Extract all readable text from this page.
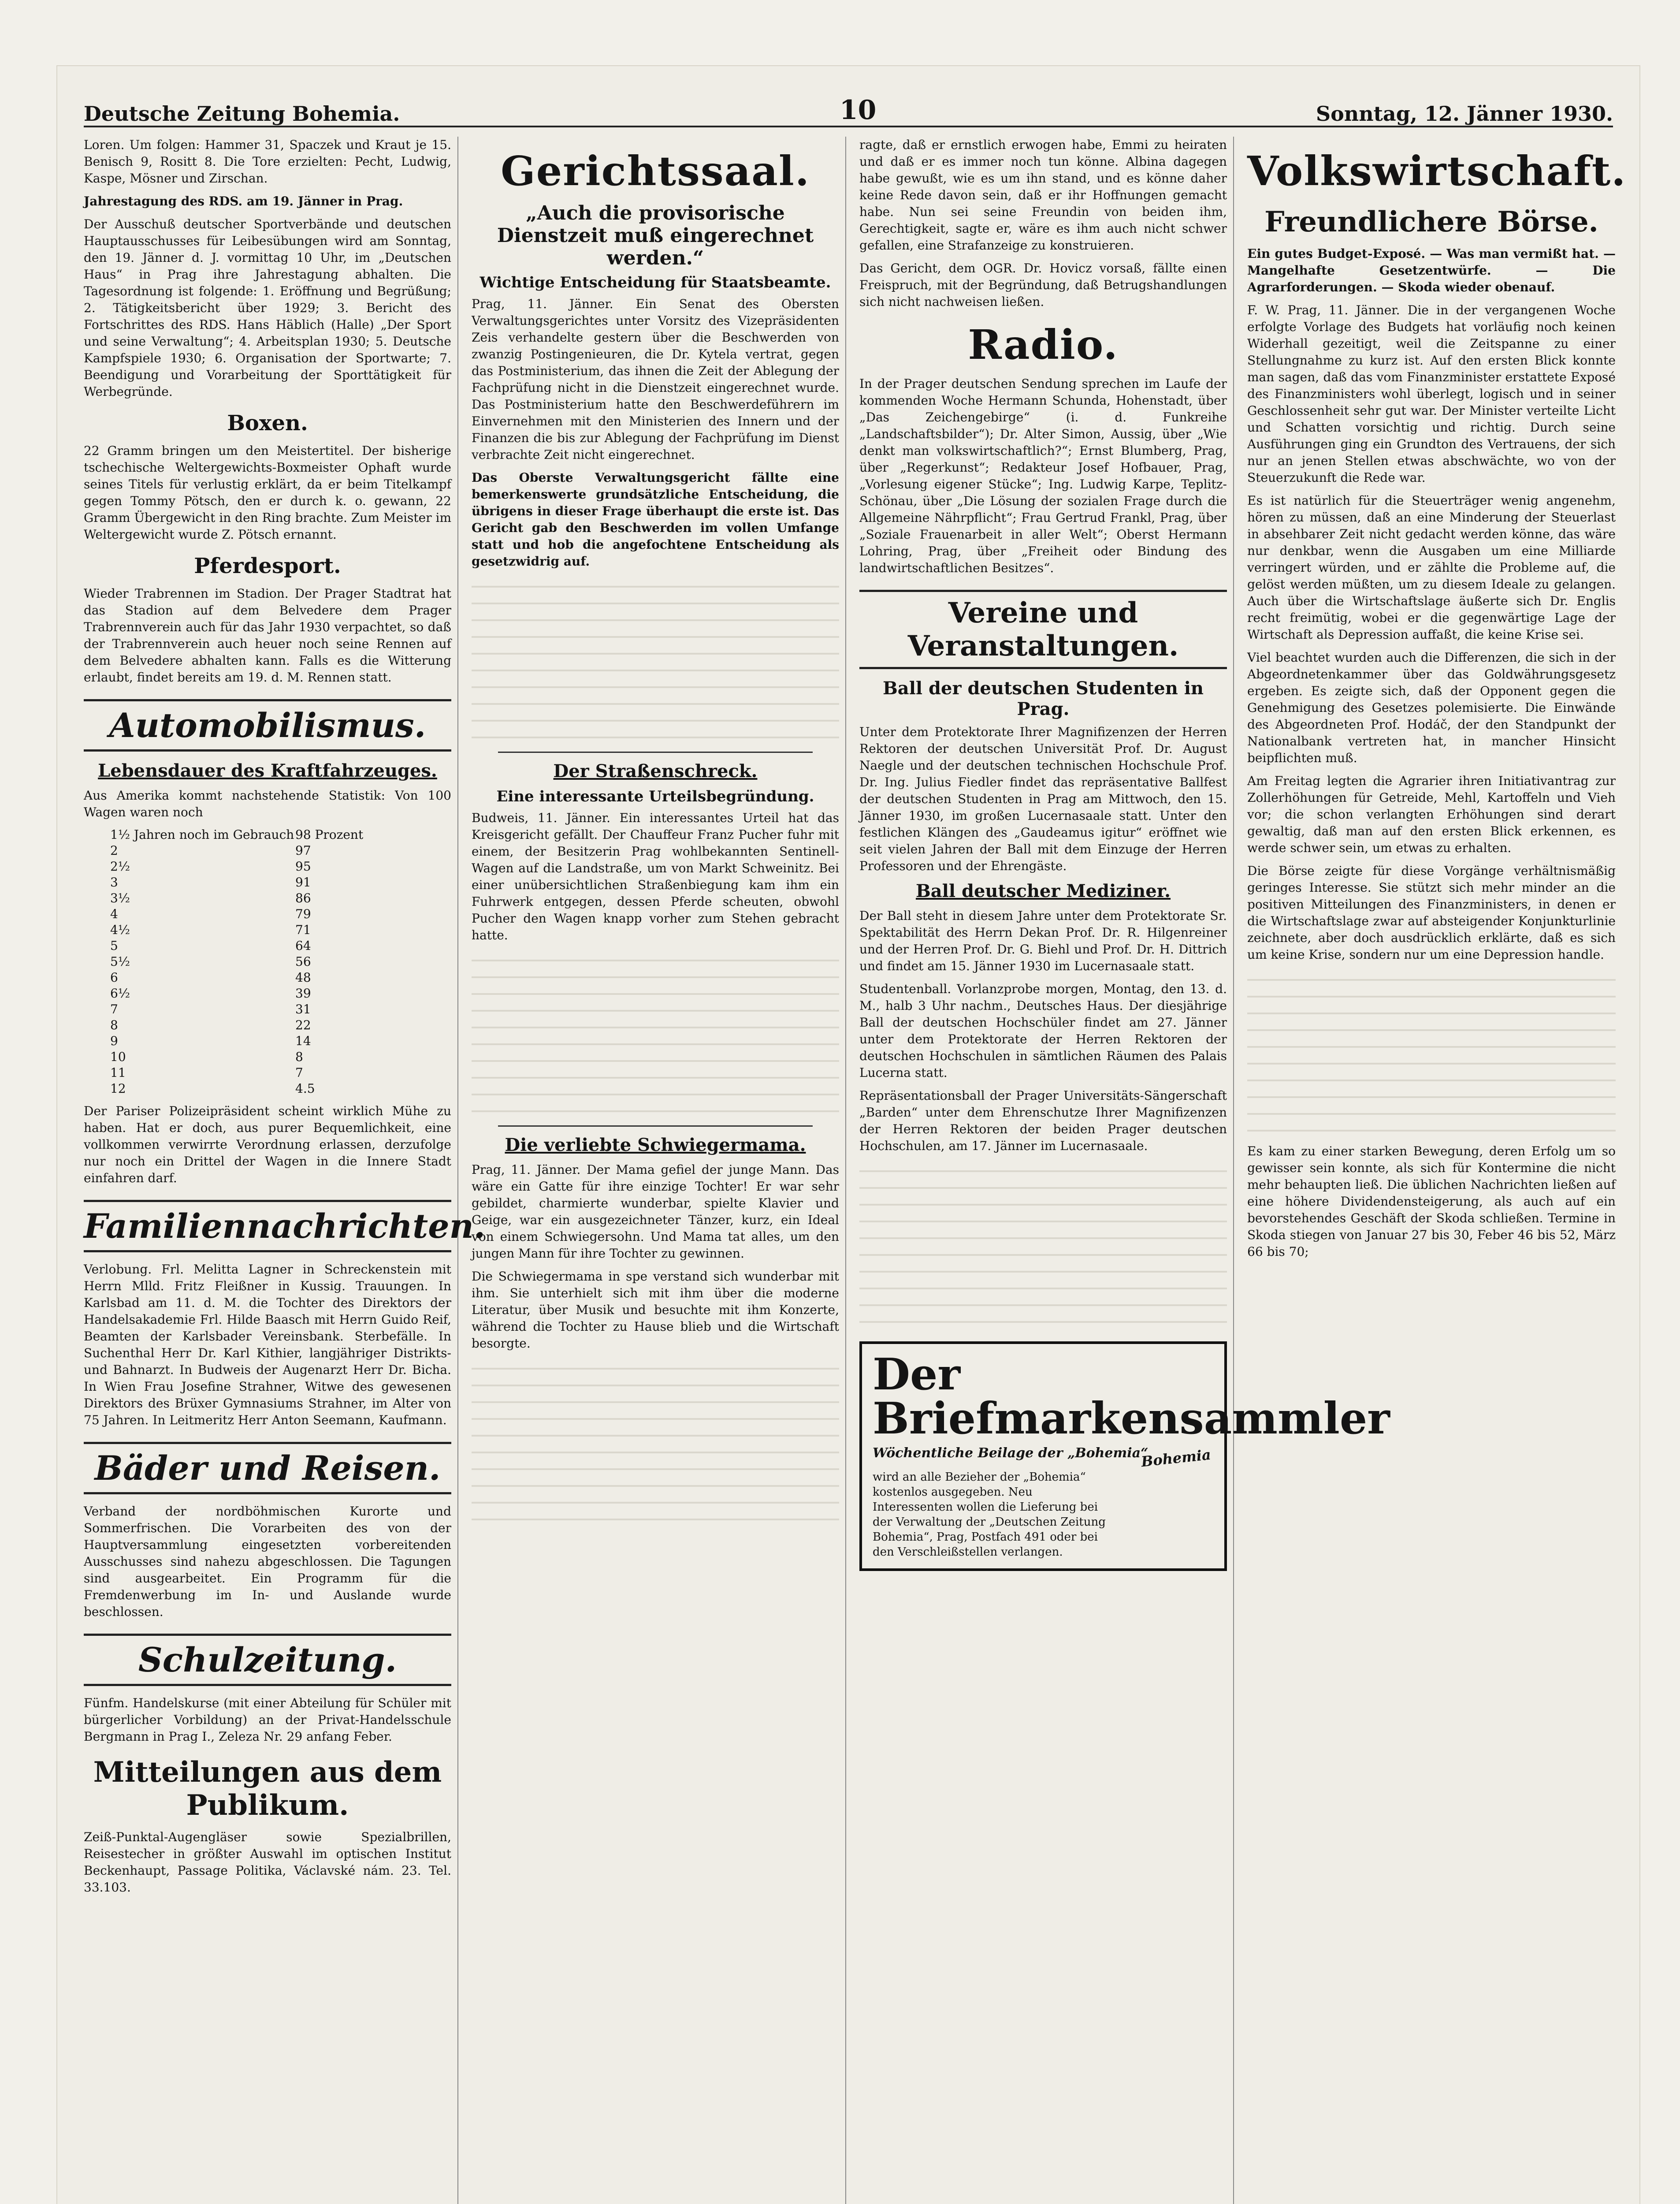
Deutsche Zeitung Bohemia.	10	Sonntag, 12. Jänner 1930.

Loren. Um folgen: Hammer 31, Spaczek und Kraut je 15. Benisch 9, Rositt 8. Die Tore erzielten: Pecht, Ludwig, Kaspe, Mösner und Zirschan.

Jahrestagung des RDS. am 19. Jänner in Prag.

Der Ausschuß deutscher Sportverbände und deutschen Hauptausschusses für Leibesübungen wird am Sonntag, den 19. Jänner d. J. vormittag 10 Uhr, im „Deutschen Haus“ in Prag ihre Jahrestagung abhalten. Die Tagesordnung ist folgende: 1. Eröffnung und Begrüßung; 2. Tätigkeitsbericht über 1929; 3. Bericht des Fortschrittes des RDS. Hans Häblich (Halle) „Der Sport und seine Verwaltung“; 4. Arbeitsplan 1930; 5. Deutsche Kampfspiele 1930; 6. Organisation der Sportwarte; 7. Beendigung und Vorarbeitung der Sporttätigkeit für Werbegründe.

Boxen.

22 Gramm bringen um den Meistertitel. Der bisherige tschechische Weltergewichts-Boxmeister Ophaft wurde seines Titels für verlustig erklärt, da er beim Titelkampf gegen Tommy Pötsch, den er durch k. o. gewann, 22 Gramm Übergewicht in den Ring brachte. Zum Meister im Weltergewicht wurde Z. Pötsch ernannt.

Pferdesport.

Wieder Trabrennen im Stadion. Der Prager Stadtrat hat das Stadion auf dem Belvedere dem Prager Trabrennverein auch für das Jahr 1930 verpachtet, so daß der Trabrennverein auch heuer noch seine Rennen auf dem Belvedere abhalten kann. Falls es die Witterung erlaubt, findet bereits am 19. d. M. Rennen statt.

Automobilismus.
Lebensdauer des Kraftfahrzeuges.

Aus Amerika kommt nachstehende Statistik: Von 100 Wagen waren noch

1½ Jahren noch im Gebrauch 98 Prozent
2	97
2½	95
3	91
3½	86
4	79
4½	71
5	64
5½	56
6	48
6½	39
7	31
8	22
9	14
10	8
11	7
12	4.5

Der Pariser Polizeipräsident scheint wirklich Mühe zu haben. Hat er doch, aus purer Bequemlichkeit, eine vollkommen verwirrte Verordnung erlassen, derzufolge nur noch ein Drittel der Wagen in die Innere Stadt einfahren darf.

Familiennachrichten.

Verlobung. Frl. Melitta Lagner in Schreckenstein mit Herrn Mlld. Fritz Fleißner in Kussig. Trauungen. In Karlsbad am 11. d. M. die Tochter des Direktors der Handelsakademie Frl. Hilde Baasch mit Herrn Guido Reif, Beamten der Karlsbader Vereinsbank. Sterbefälle. In Suchenthal Herr Dr. Karl Kithier, langjähriger Distrikts- und Bahnarzt. In Budweis der Augenarzt Herr Dr. Bicha. In Wien Frau Josefine Strahner, Witwe des gewesenen Direktors des Brüxer Gymnasiums Strahner, im Alter von 75 Jahren. In Leitmeritz Herr Anton Seemann, Kaufmann.

Bäder und Reisen.

Verband der nordböhmischen Kurorte und Sommerfrischen. Die Vorarbeiten des von der Hauptversammlung eingesetzten vorbereitenden Ausschusses sind nahezu abgeschlossen. Die Tagungen sind ausgearbeitet. Ein Programm für die Fremdenwerbung im In- und Auslande wurde beschlossen.

Schulzeitung.

Fünfm. Handelskurse (mit einer Abteilung für Schüler mit bürgerlicher Vorbildung) an der Privat-Handelsschule Bergmann in Prag I., Zeleza Nr. 29 anfang Feber.

Mitteilungen aus dem Publikum.

Zeiß-Punktal-Augengläser sowie Spezialbrillen, Reisestecher in größter Auswahl im optischen Institut Beckenhaupt, Passage Politika, Václavské nám. 23. Tel. 33.103.

Gerichtssaal.
„Auch die provisorische Dienstzeit muß eingerechnet werden.“
Wichtige Entscheidung für Staatsbeamte.

Prag, 11. Jänner. Ein Senat des Obersten Verwaltungsgerichtes unter Vorsitz des Vizepräsidenten Zeis verhandelte gestern über die Beschwerden von zwanzig Postingenieuren, die Dr. Kytela vertrat, gegen das Postministerium, das ihnen die Zeit der Ablegung der Fachprüfung nicht in die Dienstzeit eingerechnet wurde. Das Postministerium hatte den Beschwerdeführern im Einvernehmen mit den Ministerien des Innern und der Finanzen die bis zur Ablegung der Fachprüfung im Dienst verbrachte Zeit nicht eingerechnet.

Das Oberste Verwaltungsgericht fällte eine bemerkenswerte grundsätzliche Entscheidung, die übrigens in dieser Frage überhaupt die erste ist. Das Gericht gab den Beschwerden im vollen Umfange statt und hob die angefochtene Entscheidung als gesetzwidrig auf.

Der Straßenschreck.
Eine interessante Urteilsbegründung.

Budweis, 11. Jänner. Ein interessantes Urteil hat das Kreisgericht gefällt. Der Chauffeur Franz Pucher fuhr mit einem, der Besitzerin Prag wohlbekannten Sentinell-Wagen auf die Landstraße, um von Markt Schweinitz. Bei einer unübersichtlichen Straßenbiegung kam ihm ein Fuhrwerk entgegen, dessen Pferde scheuten, obwohl Pucher den Wagen knapp vorher zum Stehen gebracht hatte.

Die verliebte Schwiegermama.

Prag, 11. Jänner. Der Mama gefiel der junge Mann. Das wäre ein Gatte für ihre einzige Tochter! Er war sehr gebildet, charmierte wunderbar, spielte Klavier und Geige, war ein ausgezeichneter Tänzer, kurz, ein Ideal von einem Schwiegersohn. Und Mama tat alles, um den jungen Mann für ihre Tochter zu gewinnen.

Die Schwiegermama in spe verstand sich wunderbar mit ihm. Sie unterhielt sich mit ihm über die moderne Literatur, über Musik und besuchte mit ihm Konzerte, während die Tochter zu Hause blieb und die Wirtschaft besorgte.

ragte, daß er ernstlich erwogen habe, Emmi zu heiraten und daß er es immer noch tun könne. Albina dagegen habe gewußt, wie es um ihn stand, und es könne daher keine Rede davon sein, daß er ihr Hoffnungen gemacht habe. Nun sei seine Freundin von beiden ihm, Gerechtigkeit, sagte er, wäre es ihm auch nicht schwer gefallen, eine Strafanzeige zu konstruieren.

Das Gericht, dem OGR. Dr. Hovicz vorsaß, fällte einen Freispruch, mit der Begründung, daß Betrugshandlungen sich nicht nachweisen ließen.

Radio.

In der Prager deutschen Sendung sprechen im Laufe der kommenden Woche Hermann Schunda, Hohenstadt, über „Das Zeichengebirge“ (i. d. Funkreihe „Landschaftsbilder“); Dr. Alter Simon, Aussig, über „Wie denkt man volkswirtschaftlich?“; Ernst Blumberg, Prag, über „Regerkunst“; Redakteur Josef Hofbauer, Prag, „Vorlesung eigener Stücke“; Ing. Ludwig Karpe, Teplitz-Schönau, über „Die Lösung der sozialen Frage durch die Allgemeine Nährpflicht“; Frau Gertrud Frankl, Prag, über „Soziale Frauenarbeit in aller Welt“; Oberst Hermann Lohring, Prag, über „Freiheit oder Bindung des landwirtschaftlichen Besitzes“.

Vereine und Veranstaltungen.
Ball der deutschen Studenten in Prag.

Unter dem Protektorate Ihrer Magnifizenzen der Herren Rektoren der deutschen Universität Prof. Dr. August Naegle und der deutschen technischen Hochschule Prof. Dr. Ing. Julius Fiedler findet das repräsentative Ballfest der deutschen Studenten in Prag am Mittwoch, den 15. Jänner 1930, im großen Lucernasaale statt. Unter den festlichen Klängen des „Gaudeamus igitur“ eröffnet wie seit vielen Jahren der Ball mit dem Einzuge der Herren Professoren und der Ehrengäste.

Ball deutscher Mediziner.

Der Ball steht in diesem Jahre unter dem Protektorate Sr. Spektabilität des Herrn Dekan Prof. Dr. R. Hilgenreiner und der Herren Prof. Dr. G. Biehl und Prof. Dr. H. Dittrich und findet am 15. Jänner 1930 im Lucernasaale statt.

Studentenball. Vorlanzprobe morgen, Montag, den 13. d. M., halb 3 Uhr nachm., Deutsches Haus. Der diesjährige Ball der deutschen Hochschüler findet am 27. Jänner unter dem Protektorate der Herren Rektoren der deutschen Hochschulen in sämtlichen Räumen des Palais Lucerna statt.

Repräsentationsball der Prager Universitäts-Sängerschaft „Barden“ unter dem Ehrenschutze Ihrer Magnifizenzen der Herren Rektoren der beiden Prager deutschen Hochschulen, am 17. Jänner im Lucernasaale.

Der Briefmarkensammler
Wöchentliche Beilage der „Bohemia“
wird an alle Bezieher der „Bohemia“ kostenlos ausgegeben. Neu Interessenten wollen die Lieferung bei der Verwaltung der „Deutschen Zeitung Bohemia“, Prag, Postfach 491 oder bei den Verschleißstellen verlangen.
Bohemia
Volkswirtschaft.
Freundlichere Börse.

Ein gutes Budget-Exposé. — Was man vermißt hat. — Mangelhafte Gesetzentwürfe. — Die Agrarforderungen. — Skoda wieder obenauf.

F. W. Prag, 11. Jänner. Die in der vergangenen Woche erfolgte Vorlage des Budgets hat vorläufig noch keinen Widerhall gezeitigt, weil die Zeitspanne zu einer Stellungnahme zu kurz ist. Auf den ersten Blick konnte man sagen, daß das vom Finanzminister erstattete Exposé des Finanzministers wohl überlegt, logisch und in seiner Geschlossenheit sehr gut war. Der Minister verteilte Licht und Schatten vorsichtig und richtig. Durch seine Ausführungen ging ein Grundton des Vertrauens, der sich nur an jenen Stellen etwas abschwächte, wo von der Steuerzukunft die Rede war.

Es ist natürlich für die Steuerträger wenig angenehm, hören zu müssen, daß an eine Minderung der Steuerlast in absehbarer Zeit nicht gedacht werden könne, das wäre nur denkbar, wenn die Ausgaben um eine Milliarde verringert würden, und er zählte die Probleme auf, die gelöst werden müßten, um zu diesem Ideale zu gelangen. Auch über die Wirtschaftslage äußerte sich Dr. Englis recht freimütig, wobei er die gegenwärtige Lage der Wirtschaft als Depression auffaßt, die keine Krise sei.

Viel beachtet wurden auch die Differenzen, die sich in der Abgeordnetenkammer über das Goldwährungsgesetz ergeben. Es zeigte sich, daß der Opponent gegen die Genehmigung des Gesetzes polemisierte. Die Einwände des Abgeordneten Prof. Hodáč, der den Standpunkt der Nationalbank vertreten hat, in mancher Hinsicht beipflichten muß.

Am Freitag legten die Agrarier ihren Initiativantrag zur Zollerhöhungen für Getreide, Mehl, Kartoffeln und Vieh vor; die schon verlangten Erhöhungen sind derart gewaltig, daß man auf den ersten Blick erkennen, es werde schwer sein, um etwas zu erhalten.

Die Börse zeigte für diese Vorgänge verhältnismäßig geringes Interesse. Sie stützt sich mehr minder an die positiven Mitteilungen des Finanzministers, in denen er die Wirtschaftslage zwar auf absteigender Konjunkturlinie zeichnete, aber doch ausdrücklich erklärte, daß es sich um keine Krise, sondern nur um eine Depression handle.

Es kam zu einer starken Bewegung, deren Erfolg um so gewisser sein konnte, als sich für Kontermine die nicht mehr behaupten ließ. Die üblichen Nachrichten ließen auf eine höhere Dividendensteigerung, als auch auf ein bevorstehendes Geschäft der Skoda schließen. Termine in Skoda stiegen von Januar 27 bis 30, Feber 46 bis 52, März 66 bis 70;
